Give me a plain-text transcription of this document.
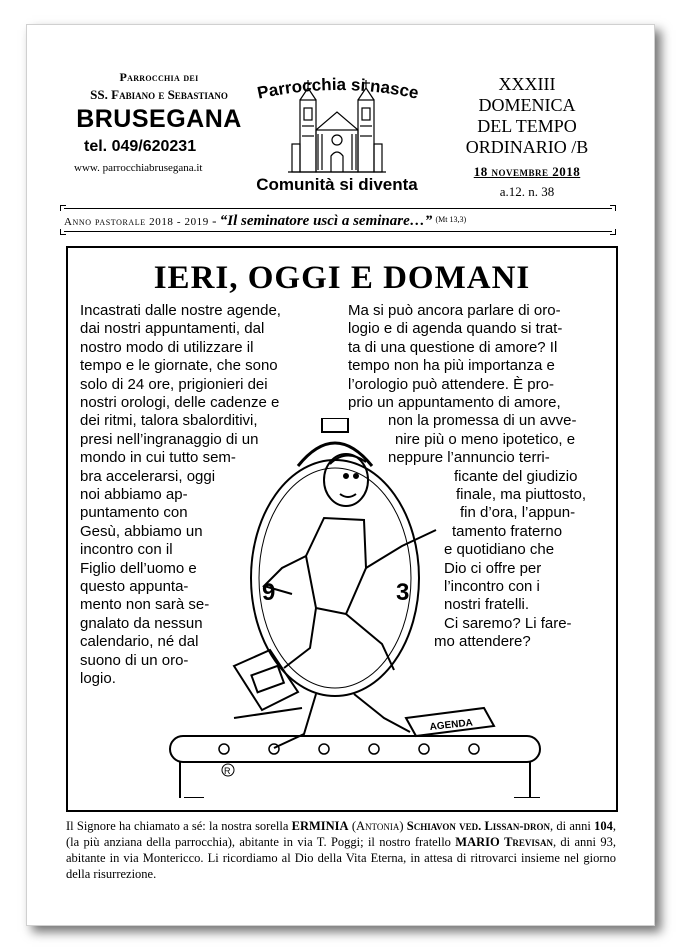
Parrocchia dei
SS. Fabiano e Sebastiano
BRUSEGANA
tel. 049/620231
www. parrocchiabrusegana.it
Parrocchia si nasce
Comunità si diventa
XXXIII DOMENICA
DEL TEMPO
ORDINARIO /B
18 novembre 2018
a.12. n. 38
Anno pastorale 2018 - 2019 - “Il seminatore uscì a seminare…” $^{(Mt 13,3)}$
IERI, OGGI E DOMANI
9	3
AGENDA
R
Incastrati dalle nostre agende,
dai nostri appuntamenti, dal
nostro modo di utilizzare il
tempo e le giornate, che sono
solo di 24 ore, prigionieri dei
nostri orologi, delle cadenze e
dei ritmi, talora sbalorditivi,
presi nell’ingranaggio di un
mondo in cui tutto sem-
bra accelerarsi, oggi
noi abbiamo ap-
puntamento con
Gesù, abbiamo un
incontro con il
Figlio dell’uomo e
questo appunta-
mento non sarà se-
gnalato da nessun
calendario, né dal
suono di un oro-
logio.
Ma si può ancora parlare di oro-
logio e di agenda quando si trat-
ta di una questione di amore? Il
tempo non ha più importanza e
l’orologio può attendere. È pro-
prio un appuntamento di amore,
non la promessa di un avve-
nire più o meno ipotetico, e
neppure l’annuncio terri-
ficante del giudizio
finale, ma piuttosto,
fin d’ora, l’appun-
tamento fraterno
e quotidiano che
Dio ci offre per
l’incontro con i
nostri fratelli.
Ci saremo? Li fare-
mo attendere?
Il Signore ha chiamato a sé: la nostra sorella ERMINIA (Antonia) Schiavon ved. Lissan-dron, di anni 104, (la più anziana della parrocchia), abitante in via T. Poggi; il nostro fratello MARIO Trevisan, di anni 93, abitante in via Montericco. Li ricordiamo al Dio della Vita Eterna, in attesa di ritrovarci insieme nel giorno della risurrezione.
